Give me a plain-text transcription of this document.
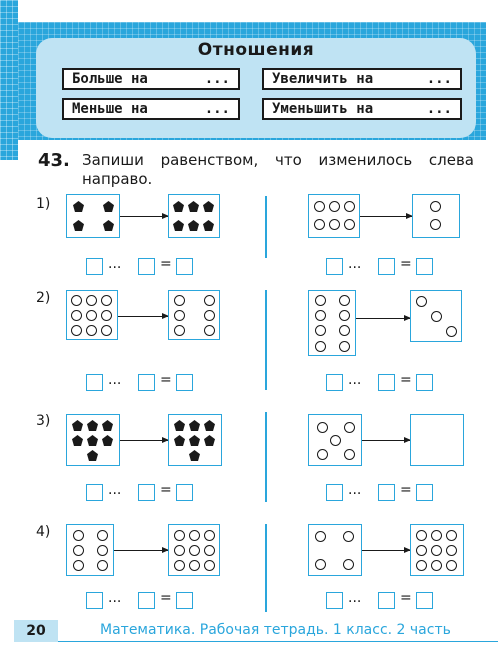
Отношения
Больше на	...	Увеличить на	...
Меньше на	...	Уменьшить на	...
43. Запиши равенством, что изменилось слева направо.
1)
2)
3)
4)
...	=	...	=
...	=	...	=
...	=	...	=
...	=	...	=
20	Математика. Рабочая тетрадь. 1 класс. 2 часть
